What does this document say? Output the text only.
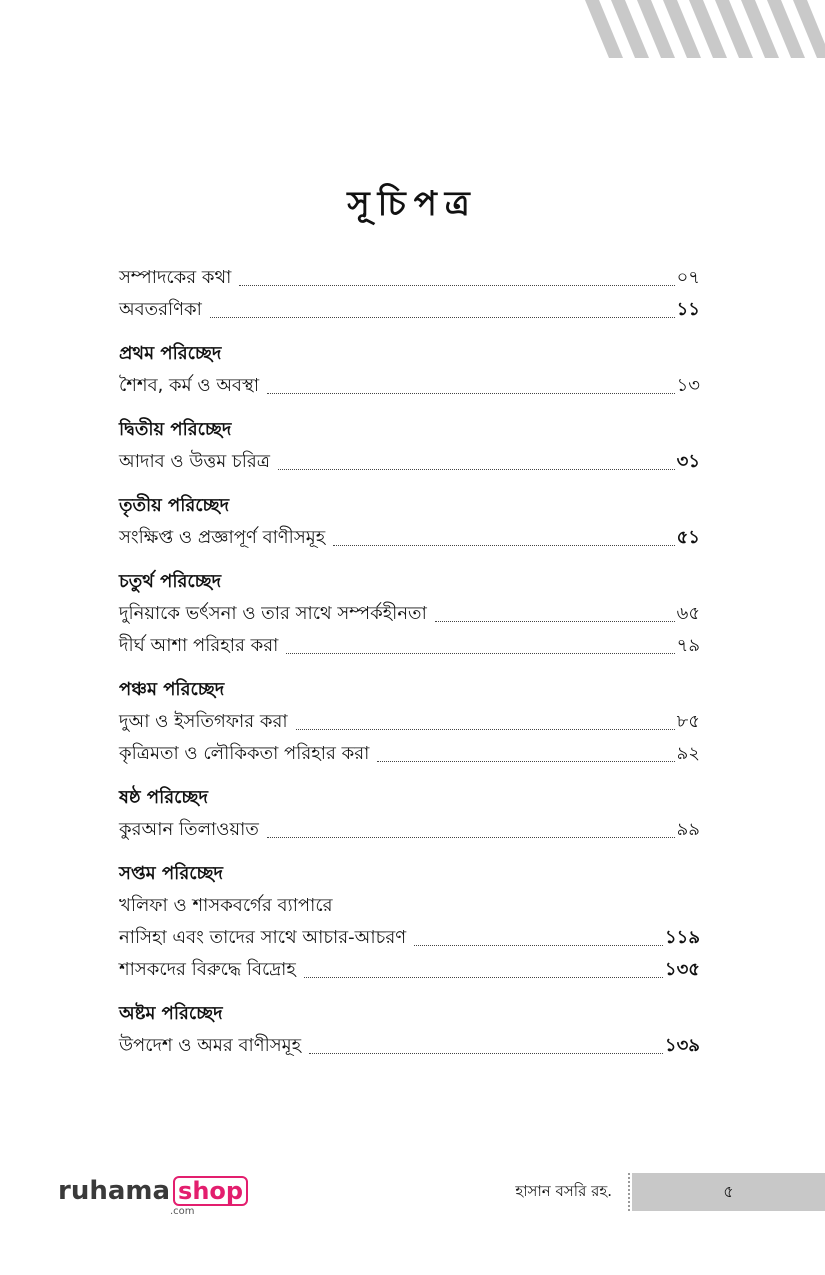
সূচিপত্র
সম্পাদকের কথা	০৭
অবতরণিকা	১১
প্রথম পরিচ্ছেদ
শৈশব, কর্ম ও অবস্থা	১৩
দ্বিতীয় পরিচ্ছেদ
আদাব ও উত্তম চরিত্র	৩১
তৃতীয় পরিচ্ছেদ
সংক্ষিপ্ত ও প্রজ্ঞাপূর্ণ বাণীসমূহ	৫১
চতুর্থ পরিচ্ছেদ
দুনিয়াকে ভর্ৎসনা ও তার সাথে সম্পর্কহীনতা	৬৫
দীর্ঘ আশা পরিহার করা	৭৯
পঞ্চম পরিচ্ছেদ
দুআ ও ইসতিগফার করা	৮৫
কৃত্রিমতা ও লৌকিকতা পরিহার করা	৯২
ষষ্ঠ পরিচ্ছেদ
কুরআন তিলাওয়াত	৯৯
সপ্তম পরিচ্ছেদ
খলিফা ও শাসকবর্গের ব্যাপারে
নাসিহা এবং তাদের সাথে আচার-আচরণ	১১৯
শাসকদের বিরুদ্ধে বিদ্রোহ	১৩৫
অষ্টম পরিচ্ছেদ
উপদেশ ও অমর বাণীসমূহ	১৩৯
ruhama shop
.com
হাসান বসরি রহ.	৫
